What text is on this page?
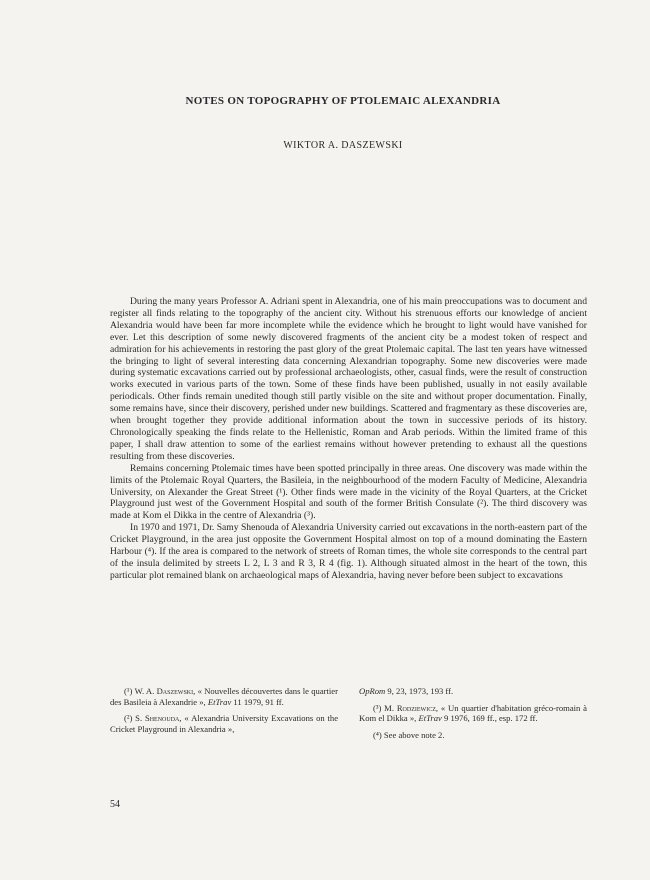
NOTES ON TOPOGRAPHY OF PTOLEMAIC ALEXANDRIA
WIKTOR A. DASZEWSKI

During the many years Professor A. Adriani spent in Alexandria, one of his main preoccupations was to document and register all finds relating to the topography of the ancient city. Without his strenuous efforts our knowledge of ancient Alexandria would have been far more incomplete while the evidence which he brought to light would have vanished for ever. Let this description of some newly discovered fragments of the ancient city be a modest token of respect and admiration for his achievements in restoring the past glory of the great Ptolemaic capital. The last ten years have witnessed the bringing to light of several interesting data concerning Alexandrian topography. Some new discoveries were made during systematic excavations carried out by professional archaeologists, other, casual finds, were the result of construction works executed in various parts of the town. Some of these finds have been published, usually in not easily available periodicals. Other finds remain unedited though still partly visible on the site and without proper documentation. Finally, some remains have, since their discovery, perished under new buildings. Scattered and fragmentary as these discoveries are, when brought together they provide additional information about the town in successive periods of its history. Chronologically speaking the finds relate to the Hellenistic, Roman and Arab periods. Within the limited frame of this paper, I shall draw attention to some of the earliest remains without however pretending to exhaust all the questions resulting from these discoveries.

Remains concerning Ptolemaic times have been spotted principally in three areas. One discovery was made within the limits of the Ptolemaic Royal Quarters, the Basileia, in the neighbourhood of the modern Faculty of Medicine, Alexandria University, on Alexander the Great Street (¹). Other finds were made in the vicinity of the Royal Quarters, at the Cricket Playground just west of the Government Hospital and south of the former British Consulate (²). The third discovery was made at Kom el Dikka in the centre of Alexandria (³).

In 1970 and 1971, Dr. Samy Shenouda of Alexandria University carried out excavations in the north-eastern part of the Cricket Playground, in the area just opposite the Government Hospital almost on top of a mound dominating the Eastern Harbour (⁴). If the area is compared to the network of streets of Roman times, the whole site corresponds to the central part of the insula delimited by streets L 2, L 3 and R 3, R 4 (fig. 1). Although situated almost in the heart of the town, this particular plot remained blank on archaeological maps of Alexandria, having never before been subject to excavations

(¹) W. A. Daszewski, « Nouvelles découvertes dans le quartier des Basileia à Alexandrie », EtTrav 11 1979, 91 ff.

(²) S. Shenouda, « Alexandria University Excavations on the Cricket Playground in Alexandria »,

OpRom 9, 23, 1973, 193 ff.

(³) M. Rodziewicz, « Un quartier d'habitation gréco-romain à Kom el Dikka », EtTrav 9 1976, 169 ff., esp. 172 ff.

(⁴) See above note 2.

54
